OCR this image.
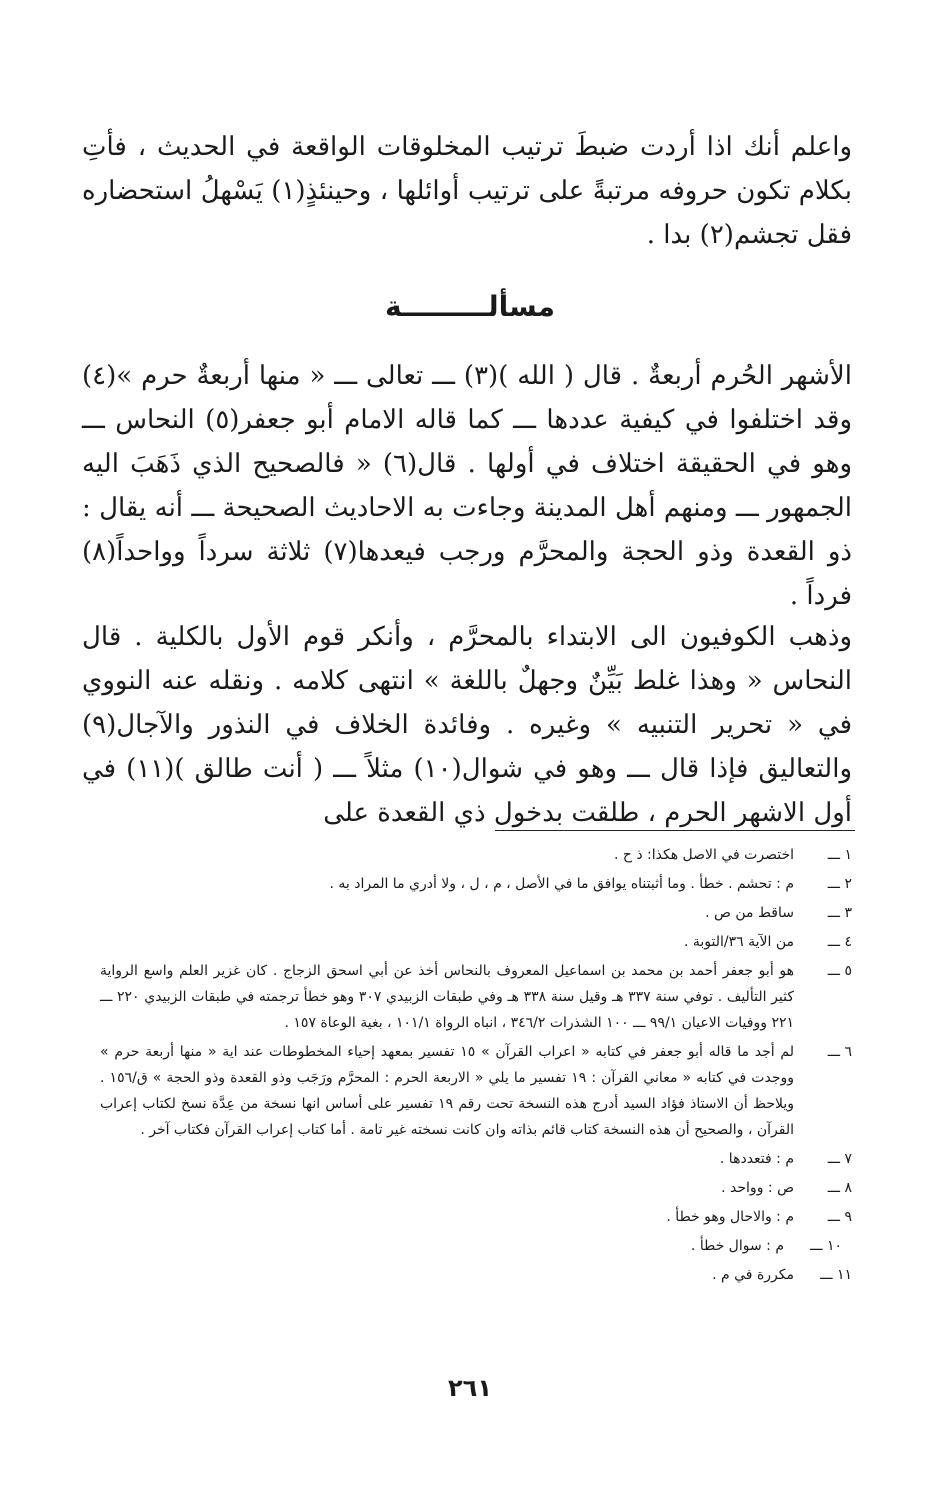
واعلم أنك اذا أردت ضبطَ ترتيب المخلوقات الواقعة في الحديث ، فأتِ بكلام تكون حروفه مرتبةً على ترتيب أوائلها ، وحينئذٍ(١) يَسْهلُ استحضاره فقل تجشم(٢) بدا .

مسألـــــــــة

الأشهر الحُرم أربعةٌ . قال ( الله )(٣) ـــ تعالى ـــ « منها أربعةٌ حرم »(٤) وقد اختلفوا في كيفية عددها ـــ كما قاله الامام أبو جعفر(٥) النحاس ـــ وهو في الحقيقة اختلاف في أولها . قال(٦) « فالصحيح الذي ذَهَبَ اليه الجمهور ـــ ومنهم أهل المدينة وجاءت به الاحاديث الصحيحة ـــ أنه يقال : ذو القعدة وذو الحجة والمحرَّم ورجب فيعدها(٧) ثلاثة سرداً وواحداً(٨) فرداً .

وذهب الكوفيون الى الابتداء بالمحرَّم ، وأنكر قوم الأول بالكلية . قال النحاس « وهذا غلط بَيِّنٌ وجهلٌ باللغة » انتهى كلامه . ونقله عنه النووي في « تحرير التنبيه » وغيره . وفائدة الخلاف في النذور والآجال(٩) والتعاليق فإذا قال ـــ وهو في شوال(١٠) مثلاً ـــ ( أنت طالق )(١١) في أول الاشهر الحرم ، طلقت بدخول ذي القعدة على

١ ـــ
اختصرت في الاصل هكذا: ذ ح .
٢ ـــ
م : تحشم . خطأ . وما أثبتناه يوافق ما في الأصل ، م ، ل ، ولا أدري ما المراد به .
٣ ـــ
ساقط من ص .
٤ ـــ
من الآية ٣٦/التوبة .
٥ ـــ
هو أبو جعفر أحمد بن محمد بن اسماعيل المعروف بالنحاس أخذ عن أبي اسحق الزجاج . كان غزير العلم واسع الرواية كثير التأليف . توفي سنة ٣٣٧ هـ وقيل سنة ٣٣٨ هـ وفي طبقات الزبيدي ٣٠٧ وهو خطأ ترجمته في طبقات الزبيدي ٢٢٠ ـــ ٢٢١ ووفيات الاعيان ٩٩/١ ـــ ١٠٠ الشذرات ٣٤٦/٢ ، انباه الرواة ١٠١/١ ، بغية الوعاة ١٥٧ .
٦ ـــ
لم أجد ما قاله أبو جعفر في كتابه « اعراب القرآن » ١٥ تفسير بمعهد إحياء المخطوطات عند اية « منها أربعة حرم » ووجدت في كتابه « معاني القرآن : ١٩ تفسير ما يلي « الاربعة الحرم : المحرَّم ورَجَب وذو القعدة وذو الحجة » ق/١٥٦ . ويلاحظ أن الاستاذ فؤاد السيد أدرج هذه النسخة تحت رقم ١٩ تفسير على أساس انها نسخة من عِدَّة نسخ لكتاب إعراب القرآن ، والصحيح أن هذه النسخة كتاب قائم بذاته وان كانت نسخته غير تامة . أما كتاب إعراب القرآن فكتاب آخر .
٧ ـــ
م : فتعددها .
٨ ـــ
ص : وواحد .
٩ ـــ
م : والاحال وهو خطأ .
١٠ ـــ
م : سوال خطأ .
١١ ـــ
مكررة في م .
٢٦١
